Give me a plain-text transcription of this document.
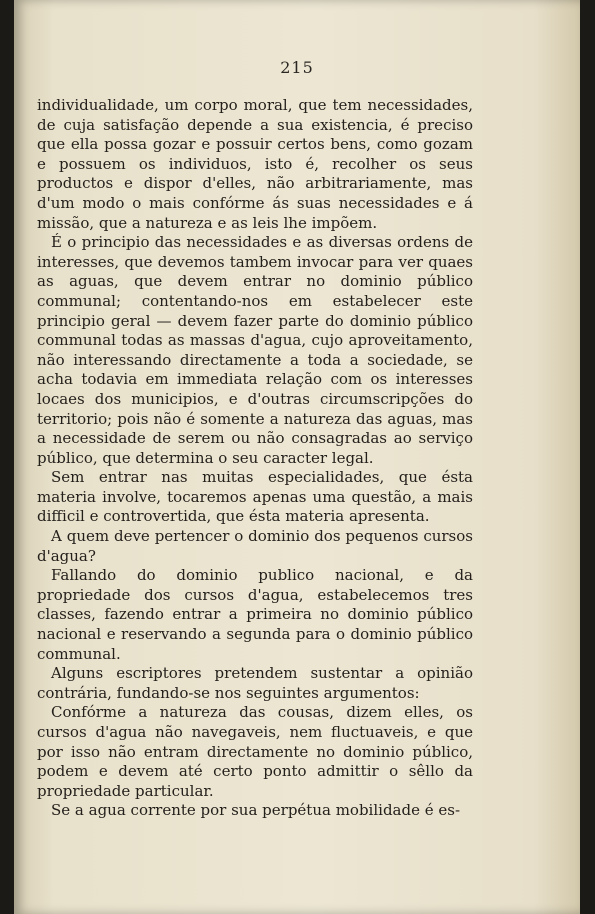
215

individualidade, um corpo moral, que tem necessidades, de cuja satisfação depende a sua existencia, é preciso que ella possa gozar e possuir certos bens, como gozam e possuem os individuos, isto é, recolher os seus productos e dispor d'elles, não arbitrariamente, mas d'um modo o mais confórme ás suas necessidades e á missão, que a natureza e as leis lhe impõem.

É o principio das necessidades e as diversas ordens de interesses, que devemos tambem invocar para ver quaes as aguas, que devem entrar no dominio público communal; contentando-nos em estabelecer este principio geral — devem fazer parte do dominio público communal todas as massas d'agua, cujo aproveitamento, não interessando directamente a toda a sociedade, se acha todavia em immediata relação com os interesses locaes dos municipios, e d'outras circumscripções do territorio; pois não é somente a natureza das aguas, mas a necessidade de serem ou não consagradas ao serviço público, que determina o seu caracter legal.

Sem entrar nas muitas especialidades, que ésta materia involve, tocaremos apenas uma questão, a mais difficil e controvertida, que ésta materia apresenta.

A quem deve pertencer o dominio dos pequenos cursos d'agua?

Fallando do dominio publico nacional, e da propriedade dos cursos d'agua, estabelecemos tres classes, fazendo entrar a primeira no dominio público nacional e reservando a segunda para o dominio público communal.

Alguns escriptores pretendem sustentar a opinião contrária, fundando-se nos seguintes argumentos:

Confórme a natureza das cousas, dizem elles, os cursos d'agua não navegaveis, nem fluctuaveis, e que por isso não entram directamente no dominio público, podem e devem até certo ponto admittir o sêllo da propriedade particular.

Se a agua corrente por sua perpétua mobilidade é es-
